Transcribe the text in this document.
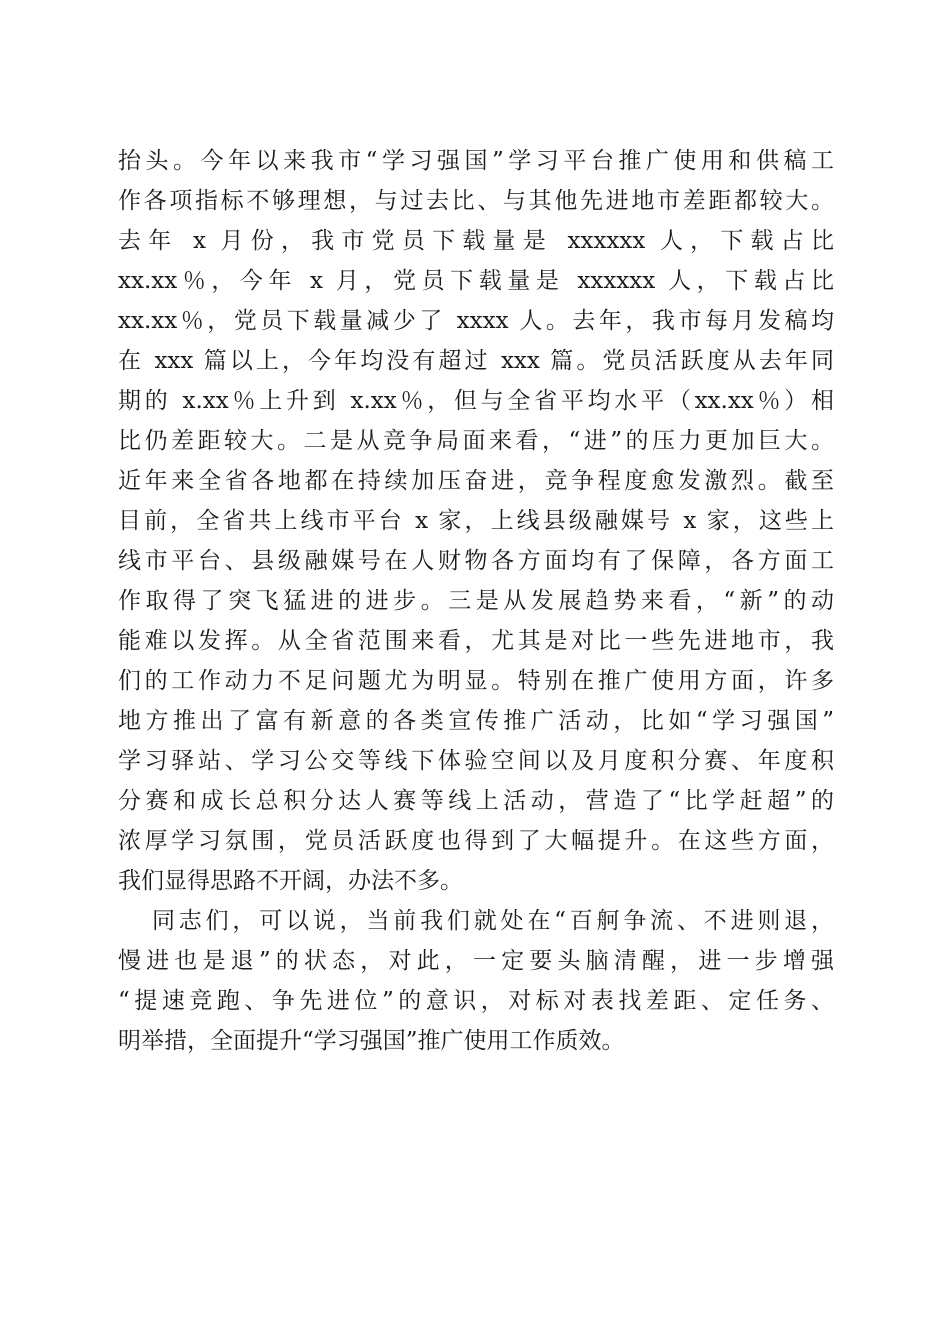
抬头。今年以来我市“学习强国”学习平台推广使用和供稿工
作各项指标不够理想，与过去比、与其他先进地市差距都较大。
去年 x 月份，我市党员下载量是 xxxxxx 人，下载占比
xx.xx％，今年 x 月，党员下载量是 xxxxxx 人，下载占比
xx.xx％，党员下载量减少了 xxxx 人。去年，我市每月发稿均
在 xxx 篇以上，今年均没有超过 xxx 篇。党员活跃度从去年同
期的 x.xx％上升到 x.xx％，但与全省平均水平（xx.xx％）相
比仍差距较大。二是从竞争局面来看，“进”的压力更加巨大。
近年来全省各地都在持续加压奋进，竞争程度愈发激烈。截至
目前，全省共上线市平台 x 家，上线县级融媒号 x 家，这些上
线市平台、县级融媒号在人财物各方面均有了保障，各方面工
作取得了突飞猛进的进步。三是从发展趋势来看，“新”的动
能难以发挥。从全省范围来看，尤其是对比一些先进地市，我
们的工作动力不足问题尤为明显。特别在推广使用方面，许多
地方推出了富有新意的各类宣传推广活动，比如“学习强国”
学习驿站、学习公交等线下体验空间以及月度积分赛、年度积
分赛和成长总积分达人赛等线上活动，营造了“比学赶超”的
浓厚学习氛围，党员活跃度也得到了大幅提升。在这些方面，
我们显得思路不开阔，办法不多。
同志们，可以说，当前我们就处在“百舸争流、不进则退，
慢进也是退”的状态，对此，一定要头脑清醒，进一步增强
“提速竞跑、争先进位”的意识，对标对表找差距、定任务、
明举措，全面提升“学习强国”推广使用工作质效。
